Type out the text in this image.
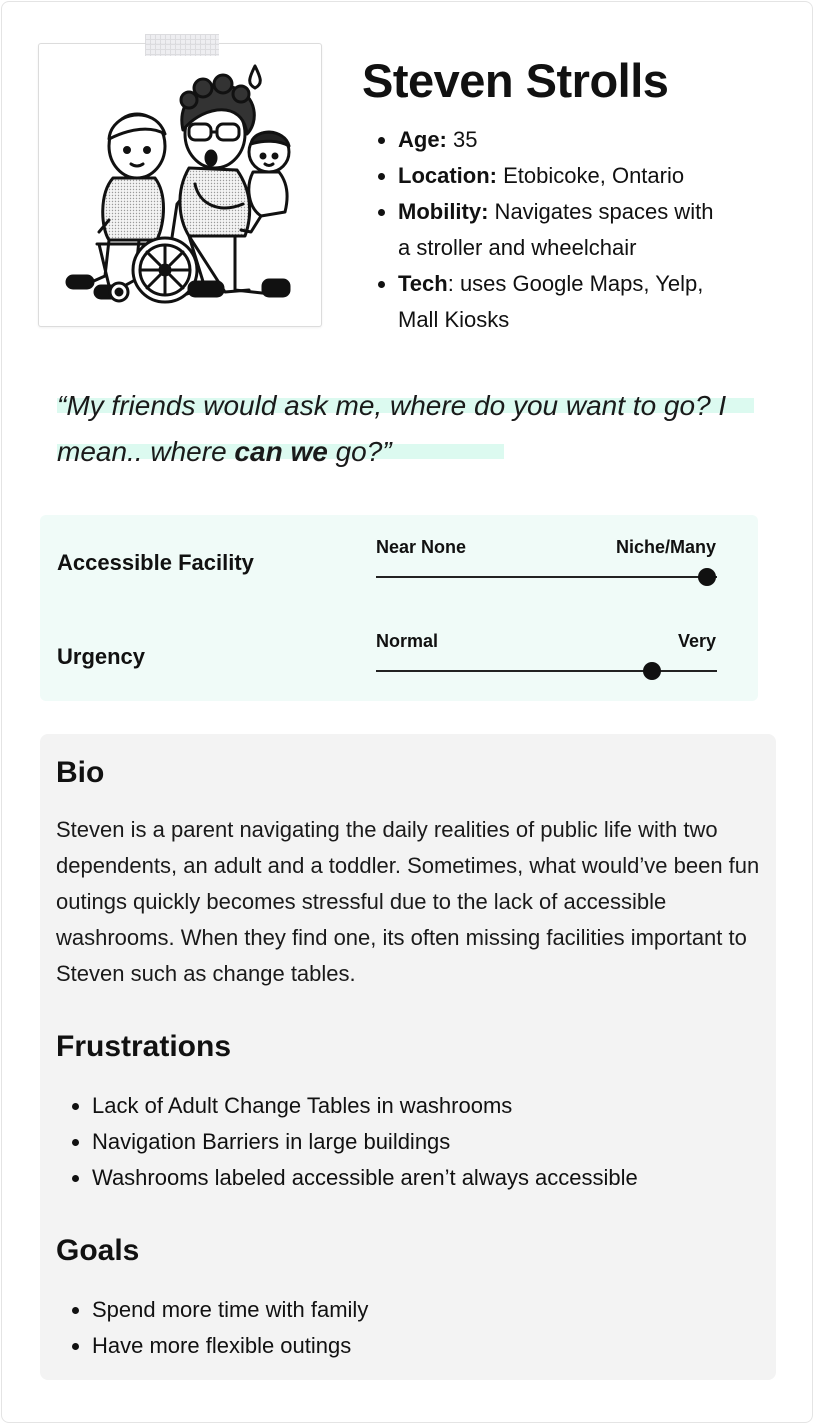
Steven Strolls
• Age: 35
• Location: Etobicoke, Ontario
• Mobility: Navigates spaces with a stroller and wheelchair
• Tech: uses Google Maps, Yelp, Mall Kiosks

“My friends would ask me, where do you want to go? I mean.. where can we go?”

Accessible Facility
Near None	Niche/Many
Urgency
Normal	Very
Bio

Steven is a parent navigating the daily realities of public life with two dependents, an adult and a toddler. Sometimes, what would’ve been fun outings quickly becomes stressful due to the lack of accessible washrooms. When they find one, its often missing facilities important to Steven such as change tables.

Frustrations
• Lack of Adult Change Tables in washrooms
• Navigation Barriers in large buildings
• Washrooms labeled accessible aren’t always accessible
Goals
• Spend more time with family
• Have more flexible outings
